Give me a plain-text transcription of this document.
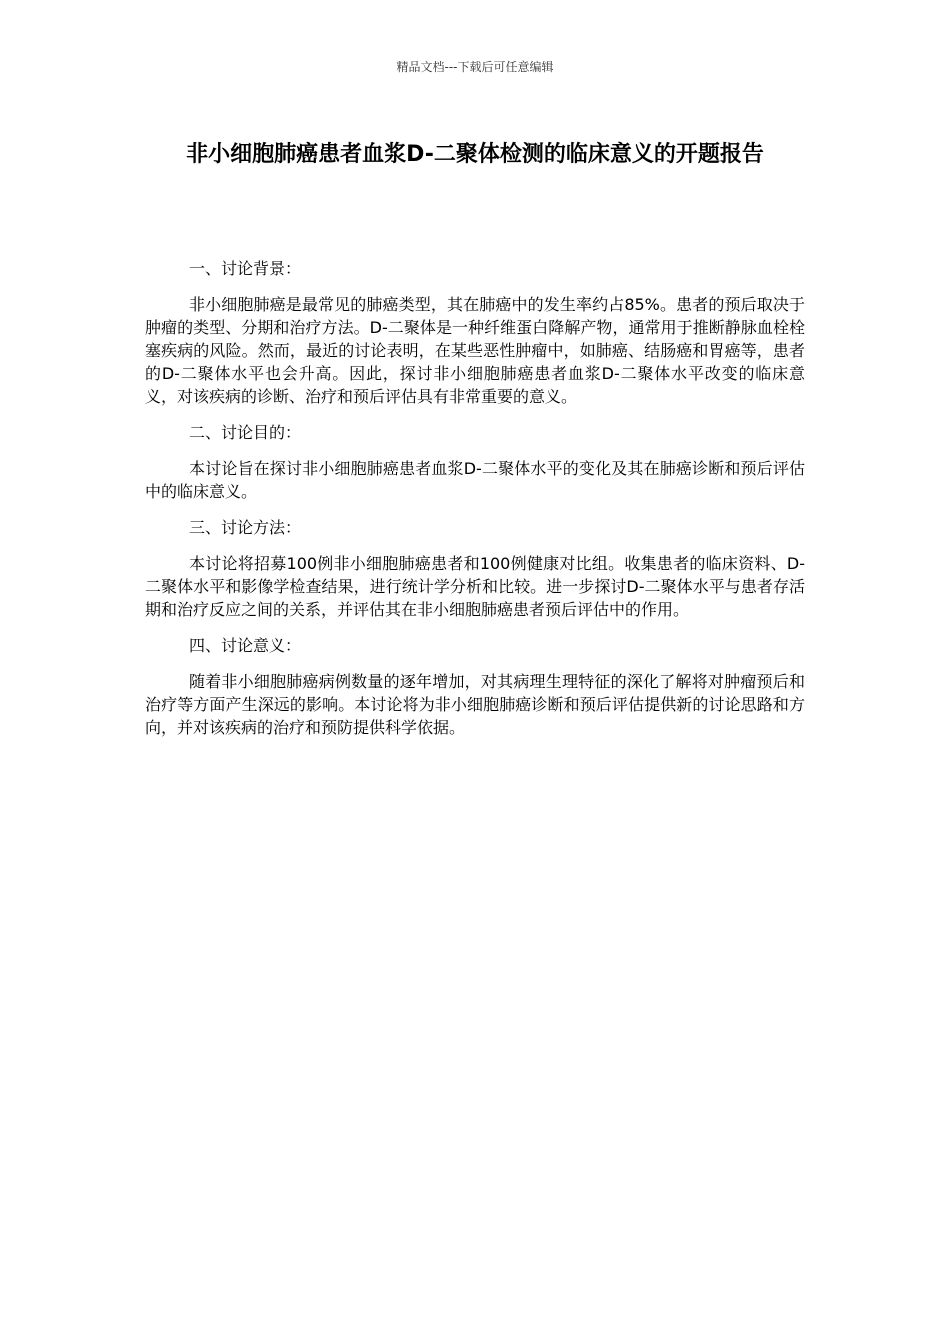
精品文档---下载后可任意编辑
非小细胞肺癌患者血浆D-二聚体检测的临床意义的开题报告

一、讨论背景：

非小细胞肺癌是最常见的肺癌类型，其在肺癌中的发生率约占85%。患者的预后取决于肿瘤的类型、分期和治疗方法。D-二聚体是一种纤维蛋白降解产物，通常用于推断静脉血栓栓塞疾病的风险。然而，最近的讨论表明，在某些恶性肿瘤中，如肺癌、结肠癌和胃癌等，患者的D-二聚体水平也会升高。因此，探讨非小细胞肺癌患者血浆D-二聚体水平改变的临床意义，对该疾病的诊断、治疗和预后评估具有非常重要的意义。

二、讨论目的：

本讨论旨在探讨非小细胞肺癌患者血浆D-二聚体水平的变化及其在肺癌诊断和预后评估中的临床意义。

三、讨论方法：

本讨论将招募100例非小细胞肺癌患者和100例健康对比组。收集患者的临床资料、D-二聚体水平和影像学检查结果，进行统计学分析和比较。进一步探讨D-二聚体水平与患者存活期和治疗反应之间的关系，并评估其在非小细胞肺癌患者预后评估中的作用。

四、讨论意义：

随着非小细胞肺癌病例数量的逐年增加，对其病理生理特征的深化了解将对肿瘤预后和治疗等方面产生深远的影响。本讨论将为非小细胞肺癌诊断和预后评估提供新的讨论思路和方向，并对该疾病的治疗和预防提供科学依据。
